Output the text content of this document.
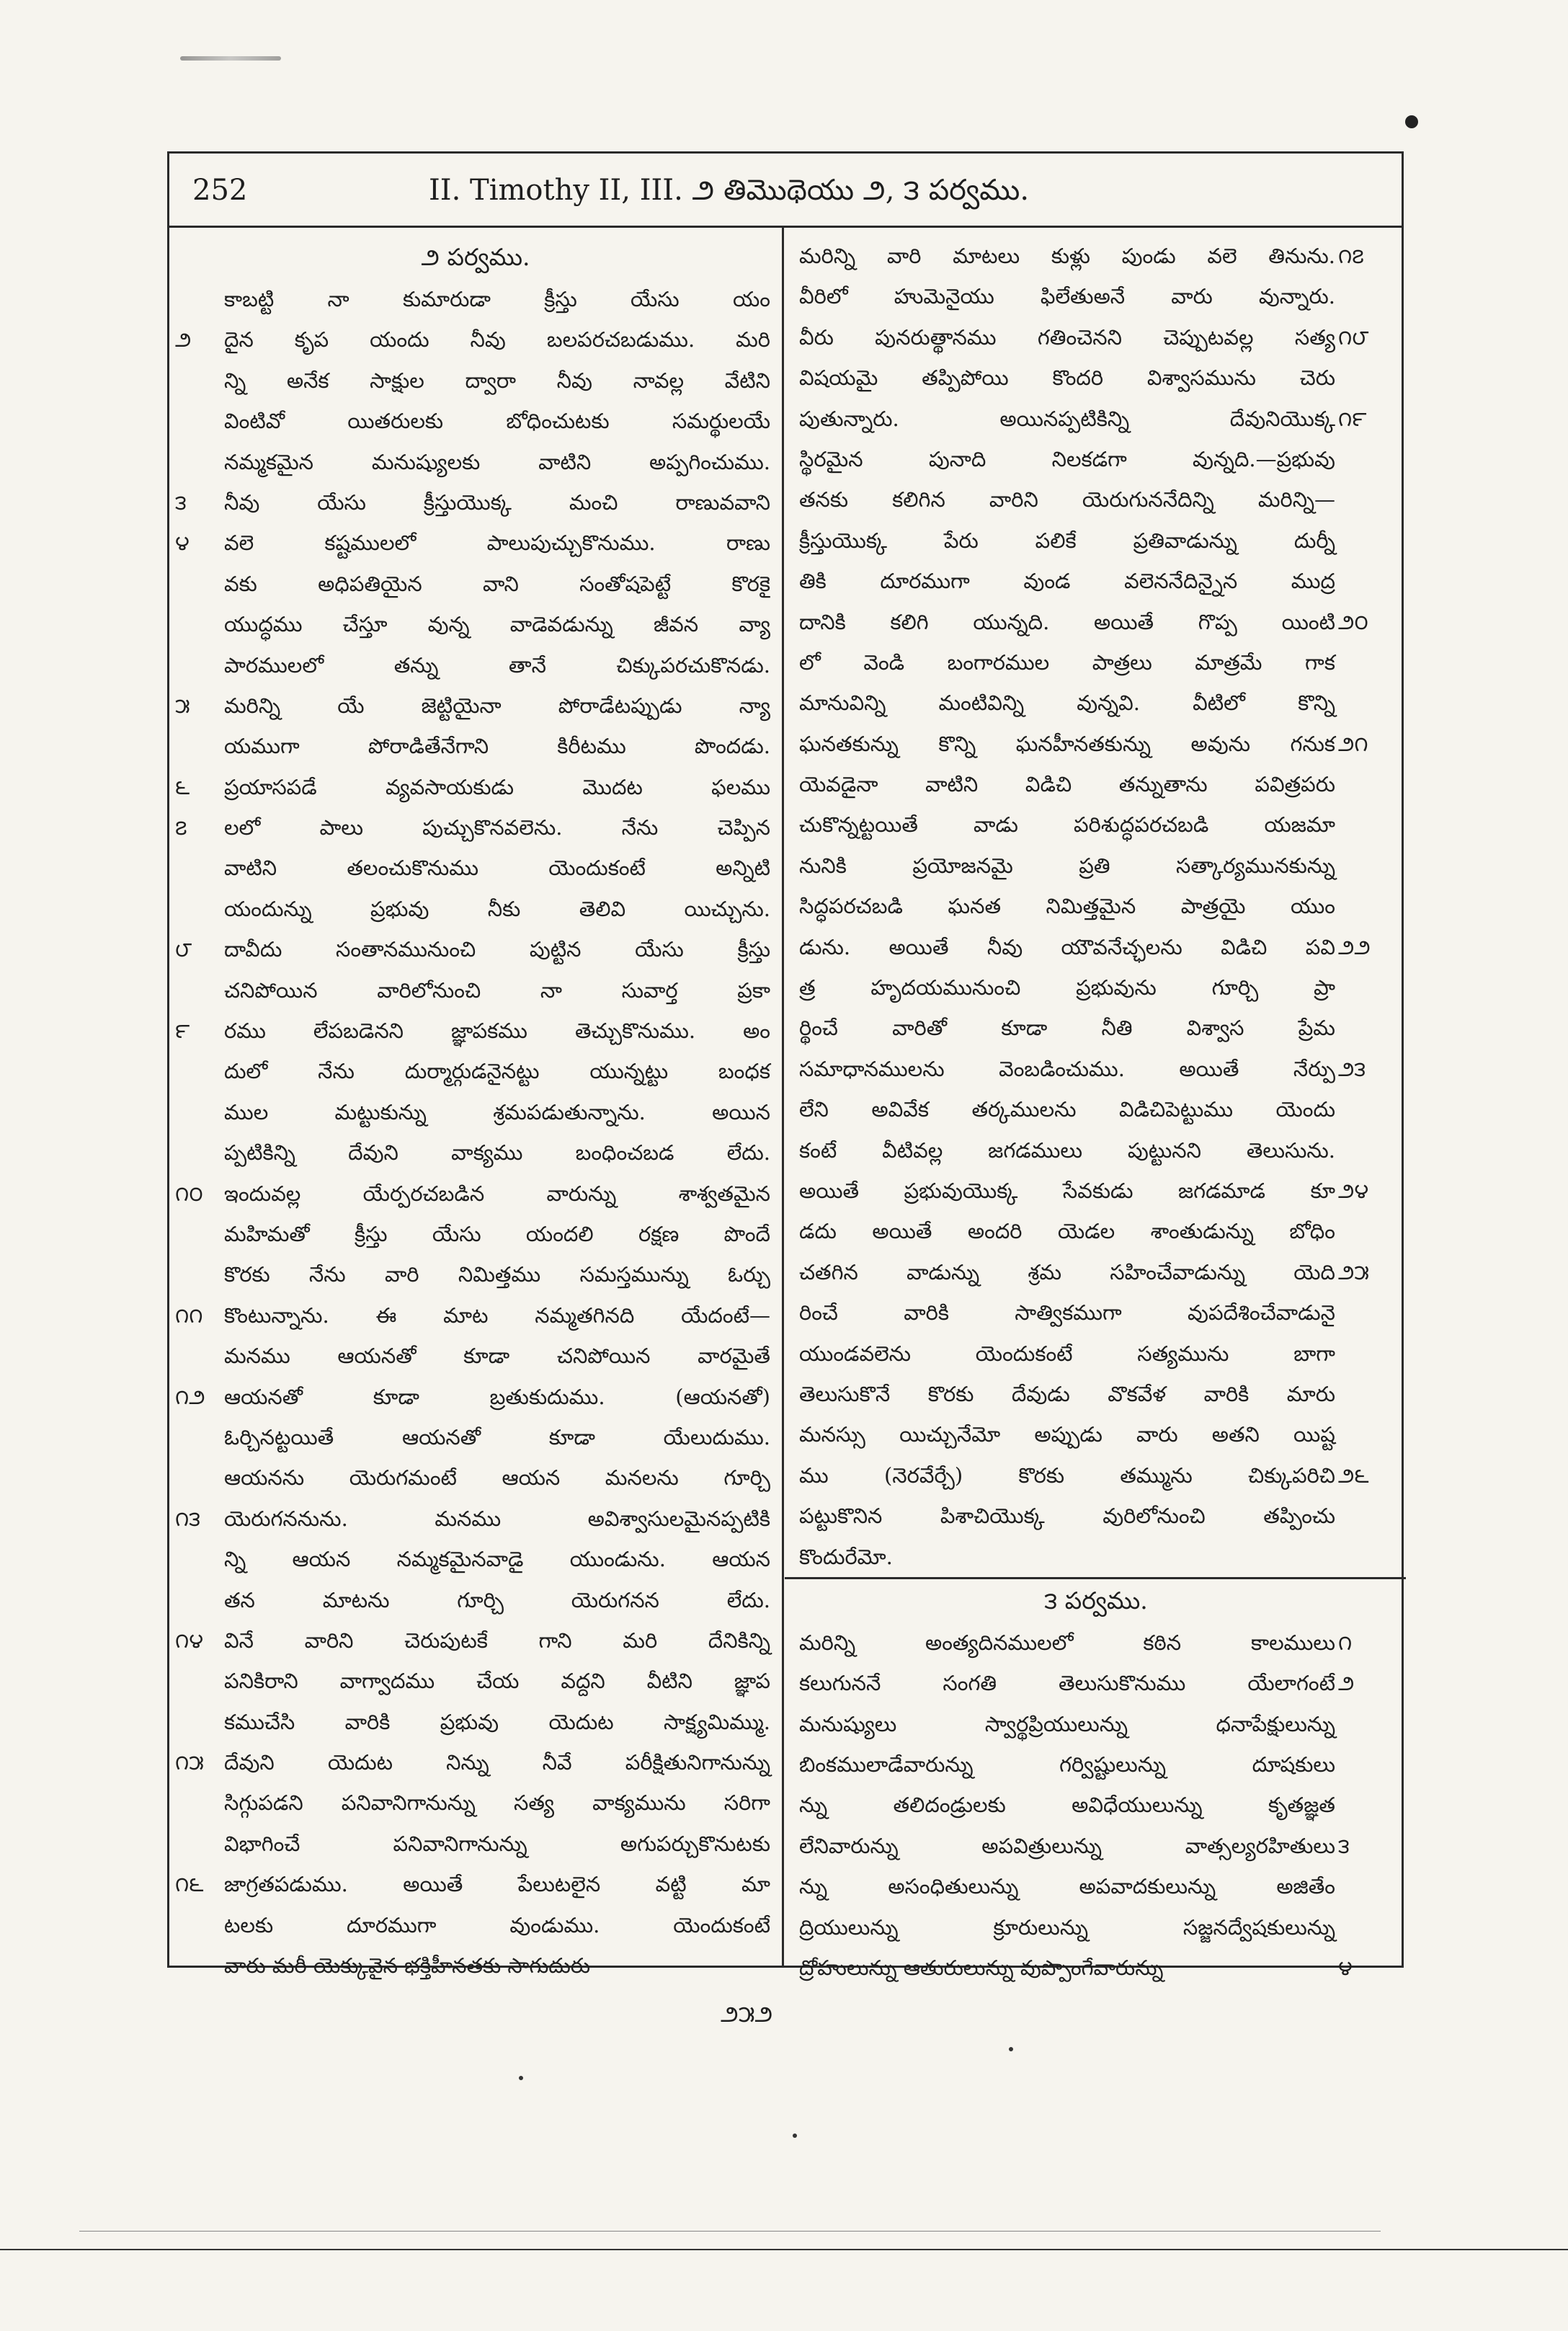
252	II. Timothy II, III. ౨ తిమొథెయు ౨, ౩ పర్వము.
౨ పర్వము.
కాబట్టి నా కుమారుడా క్రీస్తు యేసు యం
౨	దైన కృప యందు నీవు బలపరచబడుము. మరి
న్ని అనేక సాక్షుల ద్వారా నీవు నావల్ల వేటిని
వింటివో యితరులకు బోధించుటకు సమర్థులయే
నమ్మకమైన మనుష్యులకు వాటిని అప్పగించుము.
౩	నీవు యేసు క్రీస్తుయొక్క మంచి రాణువవాని
౪	వలె కష్టములలో పాలుపుచ్చుకొనుము. రాణు
వకు అధిపతియైన వాని సంతోషపెట్టే కొరకై
యుద్ధము చేస్తూ వున్న వాడెవడున్ను జీవన వ్యా
పారములలో తన్ను తానే చిక్కుపరచుకొనడు.
౫	మరిన్ని యే జెట్టియైనా పోరాడేటప్పుడు న్యా
యముగా పోరాడితేనేగాని కిరీటము పొందడు.
౬	ప్రయాసపడే వ్యవసాయకుడు మొదట ఫలము
౭	లలో పాలు పుచ్చుకొనవలెను. నేను చెప్పిన
వాటిని తలంచుకొనుము యెందుకంటే అన్నిటి
యందున్ను ప్రభువు నీకు తెలివి యిచ్చును.
౮	దావీదు సంతానమునుంచి పుట్టిన యేసు క్రీస్తు
చనిపోయిన వారిలోనుంచి నా సువార్త ప్రకా
౯	రము లేపబడెనని జ్ఞాపకము తెచ్చుకొనుము. అం
దులో నేను దుర్మార్గుడనైనట్టు యున్నట్టు బంధక
ముల మట్టుకున్ను శ్రమపడుతున్నాను. అయిన
ప్పటికిన్ని దేవుని వాక్యము బంధించబడ లేదు.
౧౦	ఇందువల్ల యేర్పరచబడిన వారున్ను శాశ్వతమైన
మహిమతో క్రీస్తు యేసు యందలి రక్షణ పొందే
కొరకు నేను వారి నిమిత్తము సమస్తమున్ను ఓర్చు
౧౧	కొంటున్నాను. ఈ మాట నమ్మతగినది యేదంటే—
మనము ఆయనతో కూడా చనిపోయిన వారమైతే
౧౨ ఆయనతో కూడా బ్రతుకుదుము. (ఆయనతో)
ఓర్చినట్టయితే ఆయనతో కూడా యేలుదుము.
ఆయనను యెరుగమంటే ఆయన మనలను గూర్చి
౧౩	యెరుగననును. మనము అవిశ్వాసులమైనప్పటికి
న్ని ఆయన నమ్మకమైనవాడై యుండును. ఆయన
తన మాటను గూర్చి యెరుగనన లేదు.
౧౪ వినే వారిని చెరుపుటకే గాని మరి దేనికిన్ని
పనికిరాని వాగ్వాదము చేయ వద్దని వీటిని జ్ఞాప
కముచేసి వారికి ప్రభువు యెదుట సాక్ష్యమిమ్ము.
౧౫ దేవుని యెదుట నిన్ను నీవే పరీక్షితునిగానున్ను
సిగ్గుపడని పనివానిగానున్ను సత్య వాక్యమును సరిగా
విభాగించే పనివానిగానున్ను అగుపర్చుకొనుటకు
౧౬ జాగ్రతపడుము. అయితే పేలుటలైన వట్టి మా
టలకు దూరముగా వుండుము. యెందుకంటే
వారు మరీ యెక్కువైన భక్తిహీనతకు సాగుదురు
౧౭
మరిన్ని వారి మాటలు కుళ్లు పుండు వలె తినును.
వీరిలో హుమెనైయు ఫిలేతుఅనే వారు వున్నారు.
౧౮
వీరు పునరుత్థానము గతించెనని చెప్పుటవల్ల సత్య
విషయమై తప్పిపోయి కొందరి విశ్వాసమును చెరు
౧౯
పుతున్నారు. అయినప్పటికిన్ని దేవునియొక్క
స్థిరమైన పునాది నిలకడగా వున్నది.—ప్రభువు
తనకు కలిగిన వారిని యెరుగుననేదిన్ని మరిన్ని—
క్రీస్తుయొక్క పేరు పలికే ప్రతివాడున్ను దుర్నీ
తికి దూరముగా వుండ వలెననేదిన్నైన ముద్ర
౨౦
దానికి కలిగి యున్నది. అయితే గొప్ప యింటి
లో వెండి బంగారముల పాత్రలు మాత్రమే గాక
మానువిన్ని మంటివిన్ని వున్నవి. వీటిలో కొన్ని
౨౧
ఘనతకున్ను కొన్ని ఘనహీనతకున్ను అవును గనుక
యెవడైనా వాటిని విడిచి తన్నుతాను పవిత్రపరు
చుకొన్నట్టయితే వాడు పరిశుద్ధపరచబడి యజమా
నునికి ప్రయోజనమై ప్రతి సత్కార్యమునకున్ను
సిద్ధపరచబడి ఘనత నిమిత్తమైన పాత్రయై యుం
౨౨
డును. అయితే నీవు యౌవనేచ్ఛలను విడిచి పవి
త్ర హృదయమునుంచి ప్రభువును గూర్చి ప్రా
ర్థించే వారితో కూడా నీతి విశ్వాస ప్రేమ
౨౩
సమాధానములను వెంబడించుము. అయితే నేర్పు
లేని అవివేక తర్కములను విడిచిపెట్టుము యెందు
కంటే వీటివల్ల జగడములు పుట్టునని తెలుసును.
౨౪
అయితే ప్రభువుయొక్క సేవకుడు జగడమాడ కూ
డదు అయితే అందరి యెడల శాంతుడున్ను బోధిం
౨౫
చతగిన వాడున్ను శ్రమ సహించేవాడున్ను యెది
రించే వారికి సాత్వికముగా వుపదేశించేవాడునై
యుండవలెను యెందుకంటే సత్యమును బాగా
తెలుసుకొనే కొరకు దేవుడు వొకవేళ వారికి మారు
మనస్సు యిచ్చునేమో అప్పుడు వారు అతని యిష్ట
౨౬
ము (నెరవేర్చే) కొరకు తమ్మును చిక్కుపరిచి
పట్టుకొనిన పిశాచియొక్క వురిలోనుంచి తప్పించు
కొందురేమో.
౩ పర్వము.
౧
మరిన్ని అంత్యదినములలో కఠిన కాలములు
౨
కలుగుననే సంగతి తెలుసుకొనుము యేలాగంటే
మనుష్యులు స్వార్థప్రియులున్ను ధనాపేక్షులున్ను
బింకములాడేవారున్ను గర్విష్టులున్ను దూషకులు
న్ను తలిదండ్రులకు అవిధేయులున్ను కృతజ్ఞత
౩
లేనివారున్ను అపవిత్రులున్ను వాత్సల్యరహితులు
న్ను అసంధితులున్ను అపవాదకులున్ను అజితేం
ద్రియులున్ను క్రూరులున్ను సజ్జనద్వేషకులున్ను
౪
ద్రోహులున్ను ఆతురులున్ను వుప్పొంగేవారున్ను
౨౫౨
